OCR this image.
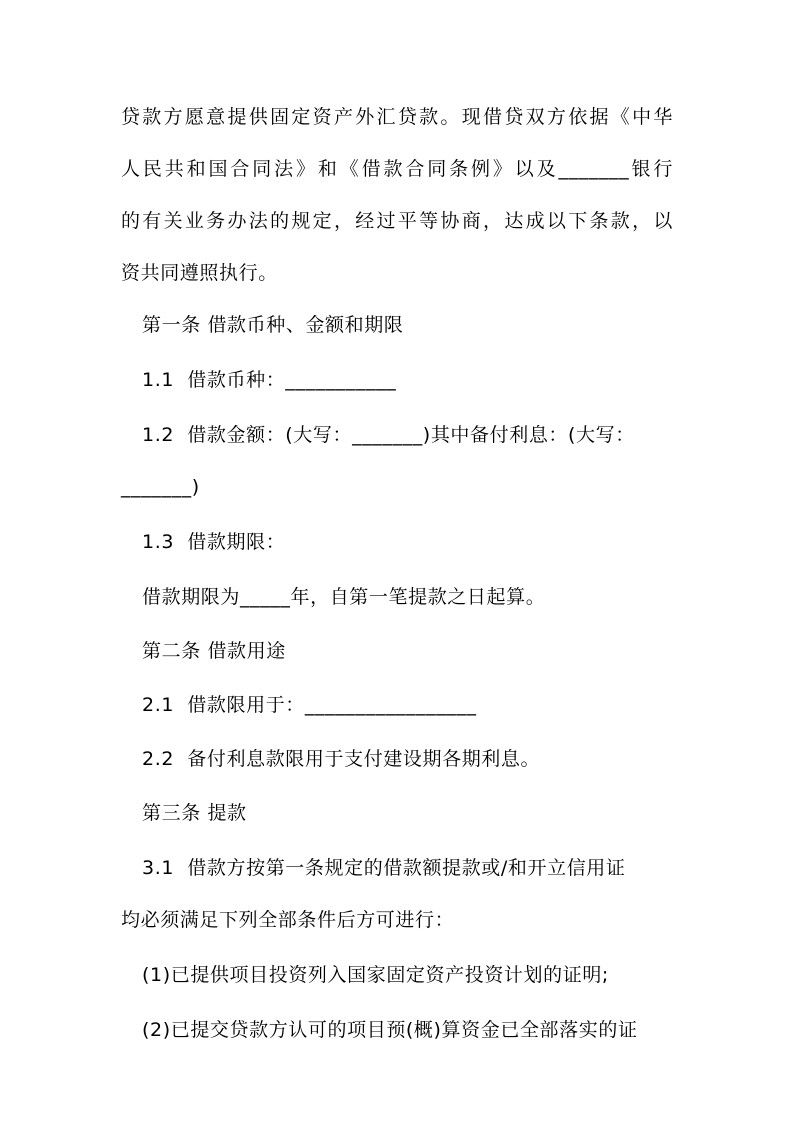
贷款方愿意提供固定资产外汇贷款。现借贷双方依据《中华
人民共和国合同法》和《借款合同条例》以及_______银行
的有关业务办法的规定，经过平等协商，达成以下条款，以
资共同遵照执行。
第一条 借款币种、金额和期限
1.1  借款币种：___________
1.2  借款金额：(大写：_______)其中备付利息：(大写：
_______)
1.3  借款期限：
借款期限为_____年，自第一笔提款之日起算。
第二条 借款用途
2.1  借款限用于：_________________
2.2  备付利息款限用于支付建设期各期利息。
第三条 提款
3.1  借款方按第一条规定的借款额提款或/和开立信用证
均必须满足下列全部条件后方可进行：
(1)已提供项目投资列入国家固定资产投资计划的证明;
(2)已提交贷款方认可的项目预(概)算资金已全部落实的证
